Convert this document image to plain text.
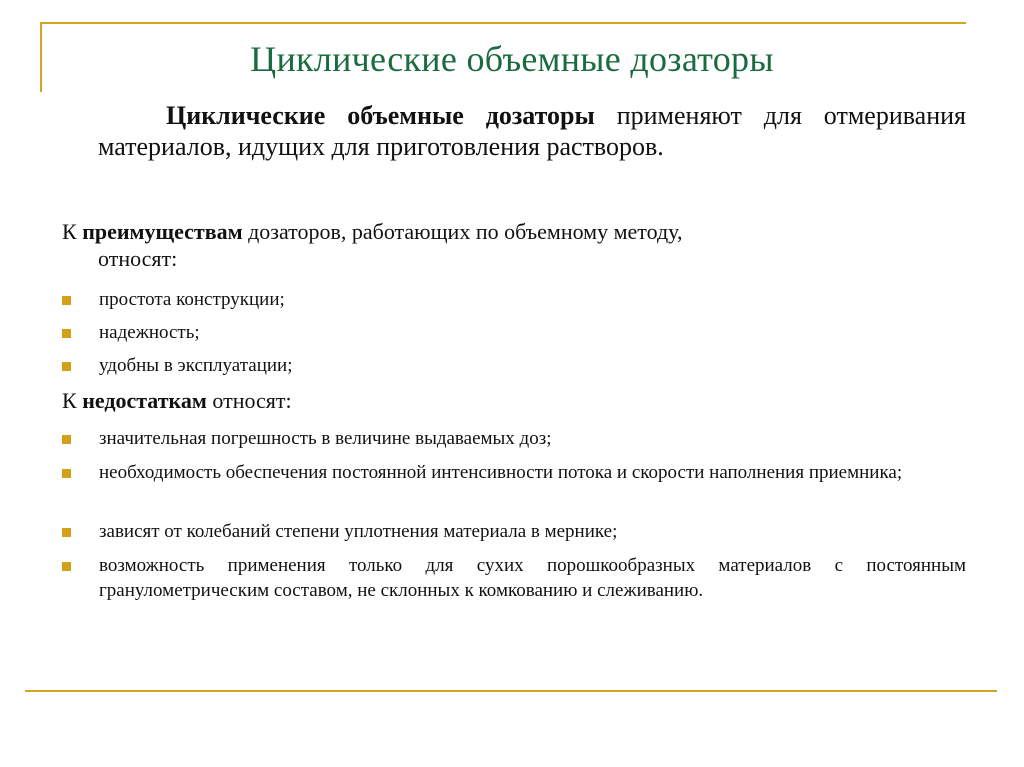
Циклические объемные дозаторы
Циклические объемные дозаторы применяют для отмеривания материалов, идущих для приготовления растворов.
К преимуществам дозаторов, работающих по объемному методу,
относят:
простота конструкции;
надежность;
удобны в эксплуатации;
К недостаткам относят:
значительная погрешность в величине выдаваемых доз;
необходимость обеспечения постоянной интенсивности потока и скорости наполнения приемника;
зависят от колебаний степени уплотнения материала в мернике;
возможность применения только для сухих порошкообразных материалов с постоянным гранулометрическим составом, не склонных к комкованию и слеживанию.
